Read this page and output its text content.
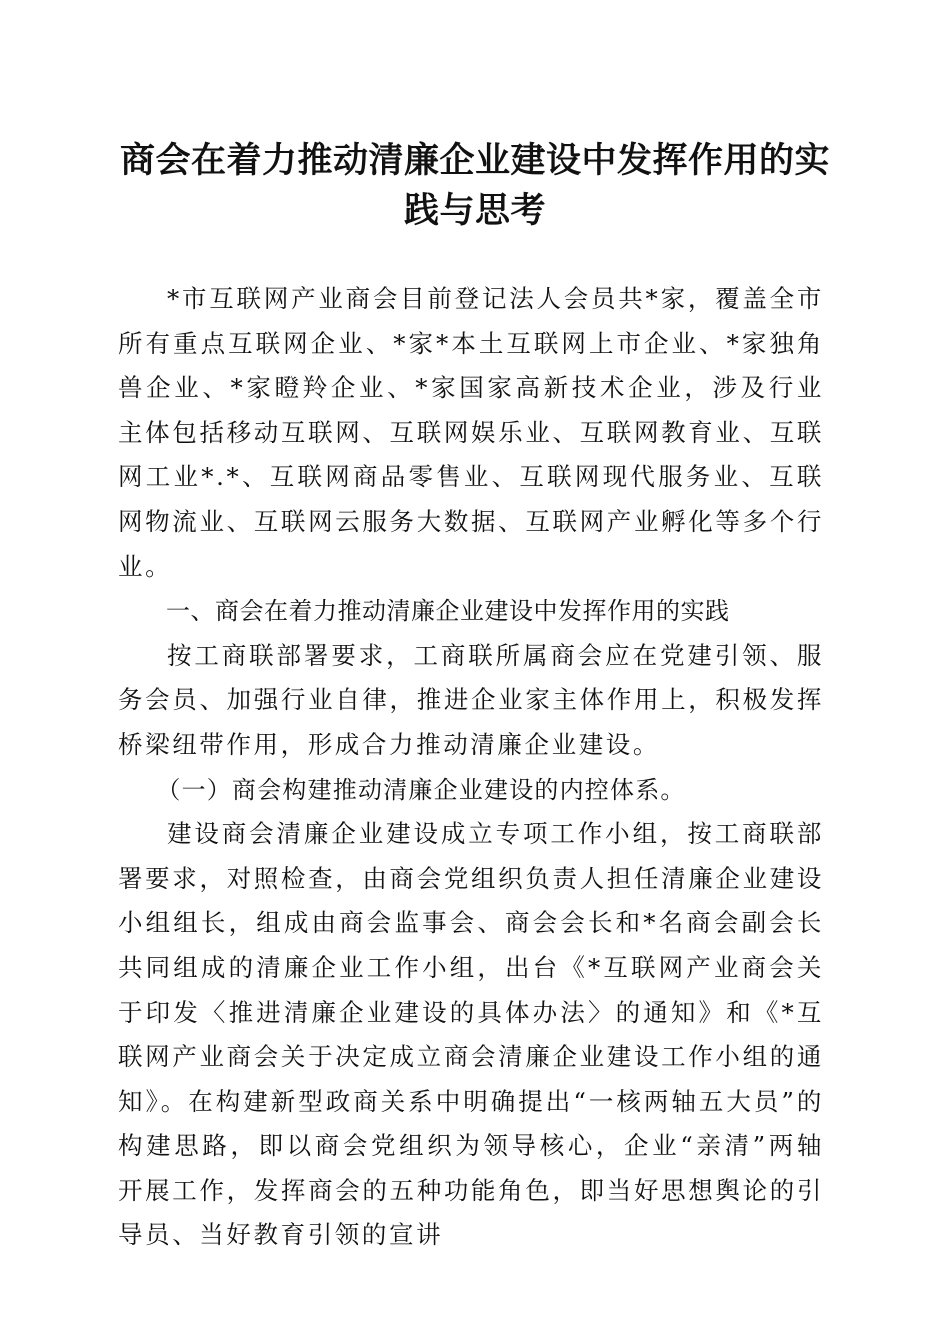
商会在着力推动清廉企业建设中发挥作用的实践与思考

*市互联网产业商会目前登记法人会员共*家，覆盖全市所有重点互联网企业、*家*本土互联网上市企业、*家独角兽企业、*家瞪羚企业、*家国家高新技术企业，涉及行业主体包括移动互联网、互联网娱乐业、互联网教育业、互联网工业*.*、互联网商品零售业、互联网现代服务业、互联网物流业、互联网云服务大数据、互联网产业孵化等多个行业。

一、商会在着力推动清廉企业建设中发挥作用的实践

按工商联部署要求，工商联所属商会应在党建引领、服务会员、加强行业自律，推进企业家主体作用上，积极发挥桥梁纽带作用，形成合力推动清廉企业建设。

（一）商会构建推动清廉企业建设的内控体系。

建设商会清廉企业建设成立专项工作小组，按工商联部署要求，对照检查，由商会党组织负责人担任清廉企业建设小组组长，组成由商会监事会、商会会长和*名商会副会长共同组成的清廉企业工作小组，出台《*互联网产业商会关于印发〈推进清廉企业建设的具体办法〉的通知》和《*互联网产业商会关于决定成立商会清廉企业建设工作小组的通知》。在构建新型政商关系中明确提出“一核两轴五大员”的构建思路，即以商会党组织为领导核心，企业“亲清”两轴开展工作，发挥商会的五种功能角色，即当好思想舆论的引导员、当好教育引领的宣讲
